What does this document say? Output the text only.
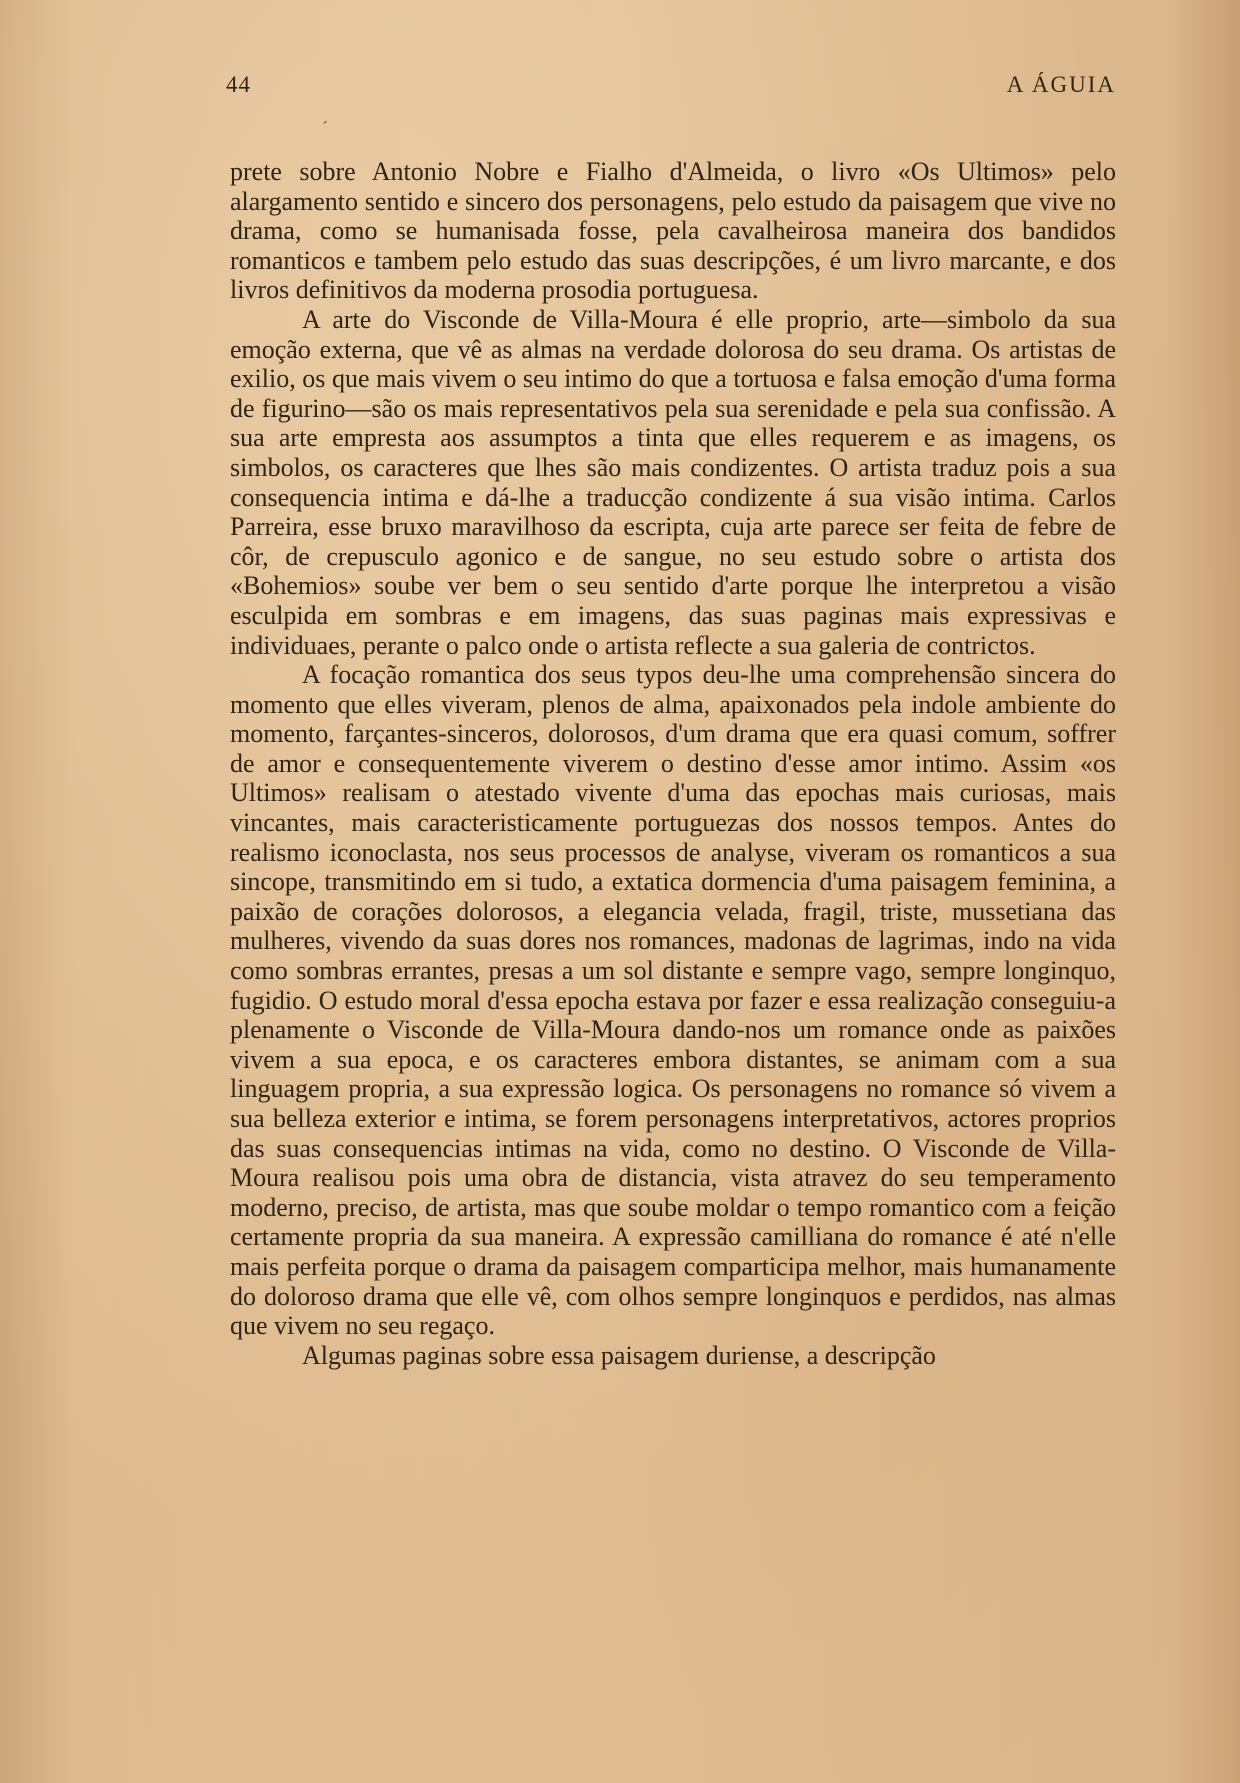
44	A ÁGUIA
ˊ

prete sobre Antonio Nobre e Fialho d'Almeida, o livro «Os Ultimos» pelo alargamento sentido e sincero dos personagens, pelo estudo da paisagem que vive no drama, como se humanisada fosse, pela cavalheirosa maneira dos bandidos romanticos e tambem pelo estudo das suas descripções, é um livro marcante, e dos livros definitivos da moderna prosodia portuguesa.

A arte do Visconde de Villa-Moura é elle proprio, arte—simbolo da sua emoção externa, que vê as almas na verdade dolorosa do seu drama. Os artistas de exilio, os que mais vivem o seu intimo do que a tortuosa e falsa emoção d'uma forma de figurino—são os mais representativos pela sua serenidade e pela sua confissão. A sua arte empresta aos assumptos a tinta que elles requerem e as imagens, os simbolos, os caracteres que lhes são mais condizentes. O artista traduz pois a sua consequencia intima e dá-lhe a traducção condizente á sua visão intima. Carlos Parreira, esse bruxo maravilhoso da escripta, cuja arte parece ser feita de febre de côr, de crepusculo agonico e de sangue, no seu estudo sobre o artista dos «Bohemios» soube ver bem o seu sentido d'arte porque lhe interpretou a visão esculpida em sombras e em imagens, das suas paginas mais expressivas e individuaes, perante o palco onde o artista reflecte a sua galeria de contrictos.

A focação romantica dos seus typos deu-lhe uma comprehensão sincera do momento que elles viveram, plenos de alma, apaixonados pela indole ambiente do momento, farçantes-sinceros, dolorosos, d'um drama que era quasi comum, soffrer de amor e consequentemente viverem o destino d'esse amor intimo. Assim «os Ultimos» realisam o atestado vivente d'uma das epochas mais curiosas, mais vincantes, mais caracteristicamente portuguezas dos nossos tempos. Antes do realismo iconoclasta, nos seus processos de analyse, viveram os romanticos a sua sincope, transmitindo em si tudo, a extatica dormencia d'uma paisagem feminina, a paixão de corações dolorosos, a elegancia velada, fragil, triste, mussetiana das mulheres, vivendo da suas dores nos romances, madonas de lagrimas, indo na vida como sombras errantes, presas a um sol distante e sempre vago, sempre longinquo, fugidio. O estudo moral d'essa epocha estava por fazer e essa realização conseguiu-a plenamente o Visconde de Villa-Moura dando-nos um romance onde as paixões vivem a sua epoca, e os caracteres embora distantes, se animam com a sua linguagem propria, a sua expressão logica. Os personagens no romance só vivem a sua belleza exterior e intima, se forem personagens interpretativos, actores proprios das suas consequencias intimas na vida, como no destino. O Visconde de Villa-Moura realisou pois uma obra de distancia, vista atravez do seu temperamento moderno, preciso, de artista, mas que soube moldar o tempo romantico com a feição certamente propria da sua maneira. A expressão camilliana do romance é até n'elle mais perfeita porque o drama da paisagem comparticipa melhor, mais humanamente do doloroso drama que elle vê, com olhos sempre longinquos e perdidos, nas almas que vivem no seu regaço.

Algumas paginas sobre essa paisagem duriense, a descripção
